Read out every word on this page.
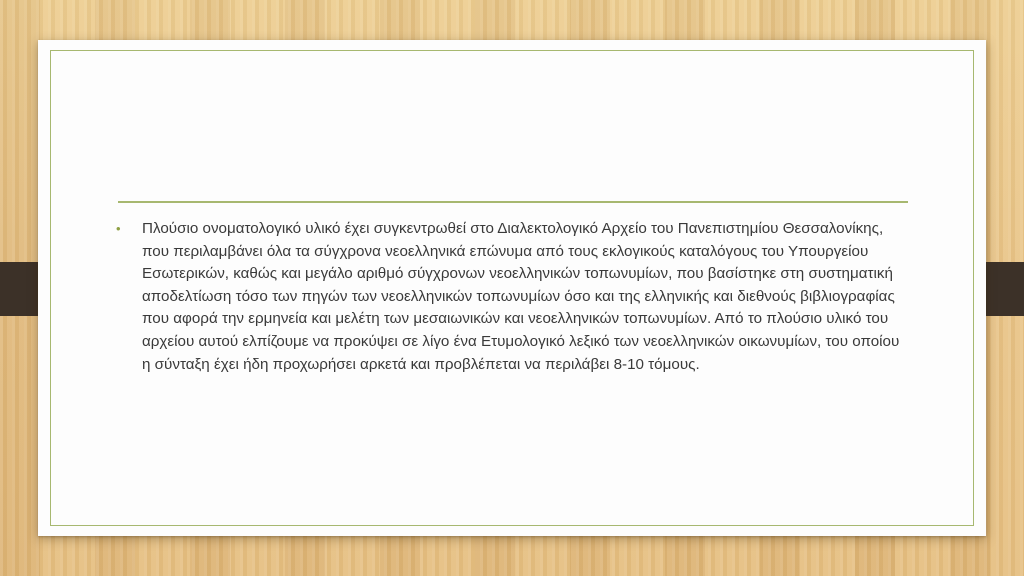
•	Πλούσιο ονοματολογικό υλικό έχει συγκεντρωθεί στο Διαλεκτολογικό Αρχείο του Πανεπιστημίου Θεσσαλονίκης, που περιλαμβάνει όλα τα σύγχρονα νεοελληνικά επώνυμα από τους εκλογικούς καταλόγους του Υπουργείου Εσωτερικών, καθώς και μεγάλο αριθμό σύγχρονων νεοελληνικών τοπωνυμίων, που βασίστηκε στη συστηματική αποδελτίωση τόσο των πηγών των νεοελληνικών τοπωνυμίων όσο και της ελληνικής και διεθνούς βιβλιογραφίας που αφορά την ερμηνεία και μελέτη των μεσαιωνικών και νεοελληνικών τοπωνυμίων. Από το πλούσιο υλικό του αρχείου αυτού ελπίζουμε να προκύψει σε λίγο ένα Ετυμολογικό λεξικό των νεοελληνικών οικωνυμίων, του οποίου η σύνταξη έχει ήδη προχωρήσει αρκετά και προβλέπεται να περιλάβει 8-10 τόμους.
